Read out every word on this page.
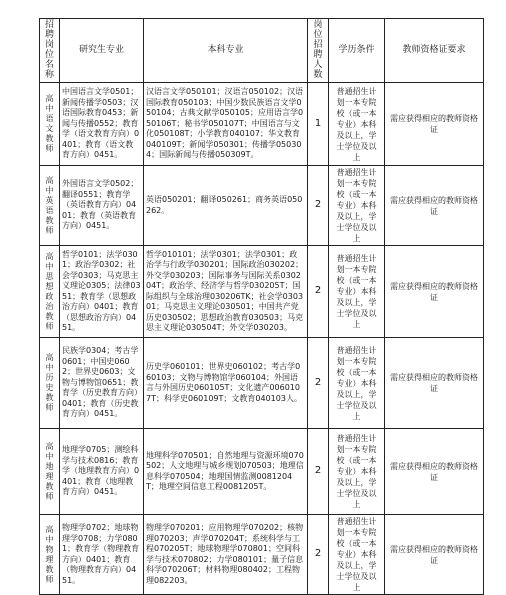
招聘岗位名称	研究生专业	本科专业	岗位招聘人数	学历条件	教师资格证要求
高中语文教师	中国语言文学0501；新闻传播学0503；汉语国际教育0453；新闻与传播0552；教育学（语文教育方向）0401；教育（语文教育方向）0451。	汉语言文学050101；汉语言050102；汉语国际教育050103；中国少数民族语言文学050104；古典文献学050105；应用语言学050106T；秘书学050107T；中国语言与文化050108T；小学教育040107；华文教育040109T；新闻学050301；传播学050304；国际新闻与传播050309T。	1	普通招生计划一本专院校（或一本专业）本科及以上，学士学位及以上	需应获得相应的教师资格证
高中英语教师	外国语言文学0502；翻译0551；教育学（英语教育方向）0401；教育（英语教育方向）0451。	英语050201；翻译050261；商务英语050262。	2	普通招生计划一本专院校（或一本专业）本科及以上，学士学位及以上	需应获得相应的教师资格证
高中思想政治教师	哲学0101；法学0301；政治学0302；社会学0303；马克思主义理论0305；法律0351；教育学（思想政治方向）0401；教育（思想政治方向）0451。	哲学010101；法学0301；法学0301；政治学与行政学030201；国际政治030202；外交学030203；国际事务与国际关系030204T；政治学、经济学与哲学030205T；国际组织与全球治理030206TK；社会学030301；马克思主义理论030501；中国共产党历史030502；思想政治教育030503；马克思主义理论030504T；外交学030203。	2	普通招生计划一本专院校（或一本专业）本科及以上，学士学位及以上	需应获得相应的教师资格证
高中历史教师	民族学0304；考古学0601；中国史0602；世界史0603；文物与博物馆0651；教育学（历史教育方向）0401；教育（历史教育方向）0451。	历史学060101；世界史060102；考古学060103；文物与博物馆学060104；外国语言与外国历史060105T；文化遗产0060107T；科学史060109T；文教育040103人。	2	普通招生计划一本专院校（或一本专业）本科及以上，学士学位及以上	需应获得相应的教师资格证
高中地理教师	地理学0705；测绘科学与技术0816；教育学（地理教育方向）0401；教育（地理教育方向）0451。	地理科学070501；自然地理与资源环境070502；人文地理与城乡规划070503；地理信息科学070504；地理国情监测0081204T；地理空间信息工程0081205T。	2	普通招生计划一本专院校（或一本专业）本科及以上，学士学位及以上	需应获得相应的教师资格证
高中物理教师	物理学0702；地球物理学0708；力学0801；教育学（物理教育方向）0401；教育（物理教育方向）0451。	物理学070201；应用物理学070202；核物理070203；声学070204T；系统科学与工程070205T；地球物理学070801；空间科学与技术070802；力学080101；量子信息科学070206T；材料物理080402；工程物理082203。	2	普通招生计划一本专院校（或一本专业）本科及以上，学士学位及以上	需应获得相应的教师资格证
